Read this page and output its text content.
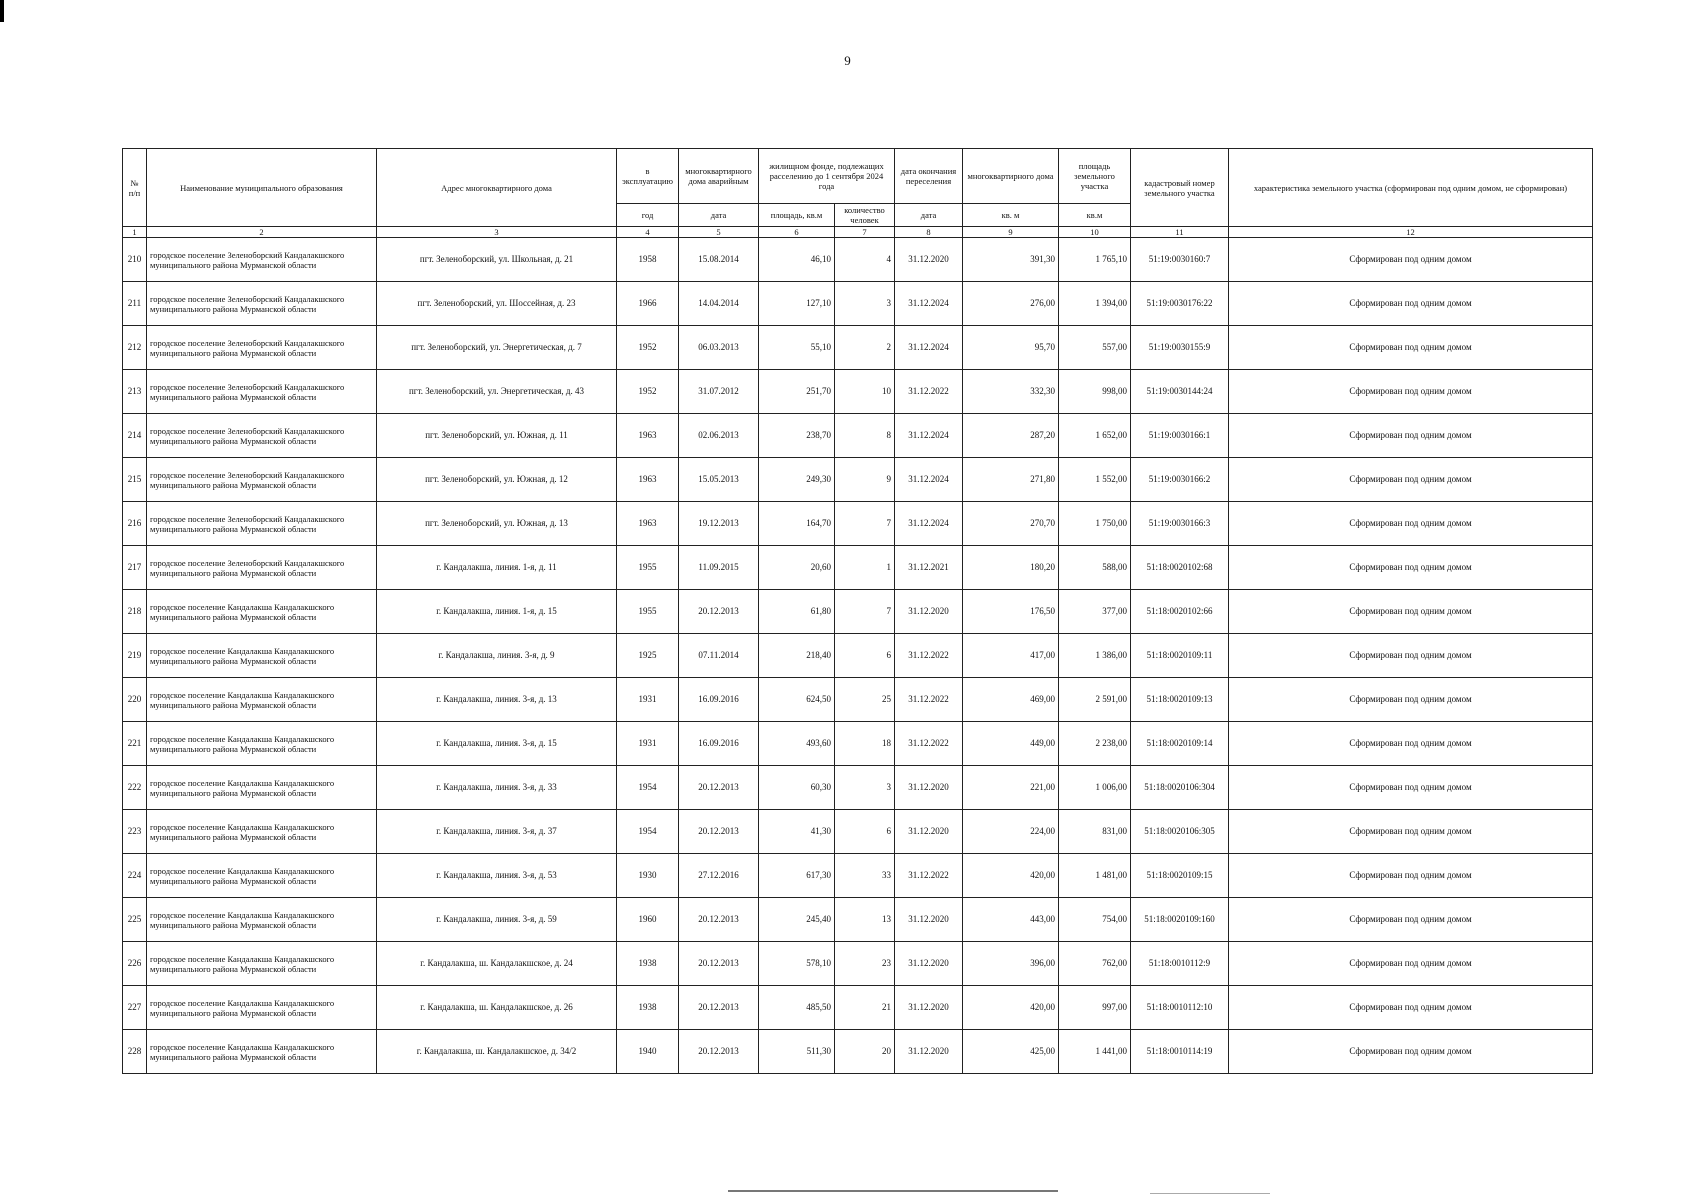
9
№ п/п	Наименование муниципального образования	Адрес многоквартирного дома	в эксплуатацию	многоквартирного дома аварийным	жилищном фонде, подлежащих расселению до 1 сентября 2024 года		дата окончания переселения	многоквартирного дома	площадь земельного участка	кадастровый номер земельного участка	характеристика земельного участка (сформирован под одним домом, не сформирован)
			год	дата	площадь, кв.м	количество человек	дата	кв. м	кв.м		
1	2	3	4	5	6	7	8	9	10	11	12
210	городское поселение Зеленоборский Кандалакшского муниципального района Мурманской области	пгт. Зеленоборский, ул. Школьная, д. 21	1958	15.08.2014	46,10	4	31.12.2020	391,30	1 765,10	51:19:0030160:7	Сформирован под одним домом
211	городское поселение Зеленоборский Кандалакшского муниципального района Мурманской области	пгт. Зеленоборский, ул. Шоссейная, д. 23	1966	14.04.2014	127,10	3	31.12.2024	276,00	1 394,00	51:19:0030176:22	Сформирован под одним домом
212	городское поселение Зеленоборский Кандалакшского муниципального района Мурманской области	пгт. Зеленоборский, ул. Энергетическая, д. 7	1952	06.03.2013	55,10	2	31.12.2024	95,70	557,00	51:19:0030155:9	Сформирован под одним домом
213	городское поселение Зеленоборский Кандалакшского муниципального района Мурманской области	пгт. Зеленоборский, ул. Энергетическая, д. 43	1952	31.07.2012	251,70	10	31.12.2022	332,30	998,00	51:19:0030144:24	Сформирован под одним домом
214	городское поселение Зеленоборский Кандалакшского муниципального района Мурманской области	пгт. Зеленоборский, ул. Южная, д. 11	1963	02.06.2013	238,70	8	31.12.2024	287,20	1 652,00	51:19:0030166:1	Сформирован под одним домом
215	городское поселение Зеленоборский Кандалакшского муниципального района Мурманской области	пгт. Зеленоборский, ул. Южная, д. 12	1963	15.05.2013	249,30	9	31.12.2024	271,80	1 552,00	51:19:0030166:2	Сформирован под одним домом
216	городское поселение Зеленоборский Кандалакшского муниципального района Мурманской области	пгт. Зеленоборский, ул. Южная, д. 13	1963	19.12.2013	164,70	7	31.12.2024	270,70	1 750,00	51:19:0030166:3	Сформирован под одним домом
217	городское поселение Зеленоборский Кандалакшского муниципального района Мурманской области	г. Кандалакша, линия. 1-я, д. 11	1955	11.09.2015	20,60	1	31.12.2021	180,20	588,00	51:18:0020102:68	Сформирован под одним домом
218	городское поселение Кандалакша Кандалакшского муниципального района Мурманской области	г. Кандалакша, линия. 1-я, д. 15	1955	20.12.2013	61,80	7	31.12.2020	176,50	377,00	51:18:0020102:66	Сформирован под одним домом
219	городское поселение Кандалакша Кандалакшского муниципального района Мурманской области	г. Кандалакша, линия. 3-я, д. 9	1925	07.11.2014	218,40	6	31.12.2022	417,00	1 386,00	51:18:0020109:11	Сформирован под одним домом
220	городское поселение Кандалакша Кандалакшского муниципального района Мурманской области	г. Кандалакша, линия. 3-я, д. 13	1931	16.09.2016	624,50	25	31.12.2022	469,00	2 591,00	51:18:0020109:13	Сформирован под одним домом
221	городское поселение Кандалакша Кандалакшского муниципального района Мурманской области	г. Кандалакша, линия. 3-я, д. 15	1931	16.09.2016	493,60	18	31.12.2022	449,00	2 238,00	51:18:0020109:14	Сформирован под одним домом
222	городское поселение Кандалакша Кандалакшского муниципального района Мурманской области	г. Кандалакша, линия. 3-я, д. 33	1954	20.12.2013	60,30	3	31.12.2020	221,00	1 006,00	51:18:0020106:304	Сформирован под одним домом
223	городское поселение Кандалакша Кандалакшского муниципального района Мурманской области	г. Кандалакша, линия. 3-я, д. 37	1954	20.12.2013	41,30	6	31.12.2020	224,00	831,00	51:18:0020106:305	Сформирован под одним домом
224	городское поселение Кандалакша Кандалакшского муниципального района Мурманской области	г. Кандалакша, линия. 3-я, д. 53	1930	27.12.2016	617,30	33	31.12.2022	420,00	1 481,00	51:18:0020109:15	Сформирован под одним домом
225	городское поселение Кандалакша Кандалакшского муниципального района Мурманской области	г. Кандалакша, линия. 3-я, д. 59	1960	20.12.2013	245,40	13	31.12.2020	443,00	754,00	51:18:0020109:160	Сформирован под одним домом
226	городское поселение Кандалакша Кандалакшского муниципального района Мурманской области	г. Кандалакша, ш. Кандалакшское, д. 24	1938	20.12.2013	578,10	23	31.12.2020	396,00	762,00	51:18:0010112:9	Сформирован под одним домом
227	городское поселение Кандалакша Кандалакшского муниципального района Мурманской области	г. Кандалакша, ш. Кандалакшское, д. 26	1938	20.12.2013	485,50	21	31.12.2020	420,00	997,00	51:18:0010112:10	Сформирован под одним домом
228	городское поселение Кандалакша Кандалакшского муниципального района Мурманской области	г. Кандалакша, ш. Кандалакшское, д. 34/2	1940	20.12.2013	511,30	20	31.12.2020	425,00	1 441,00	51:18:0010114:19	Сформирован под одним домом
